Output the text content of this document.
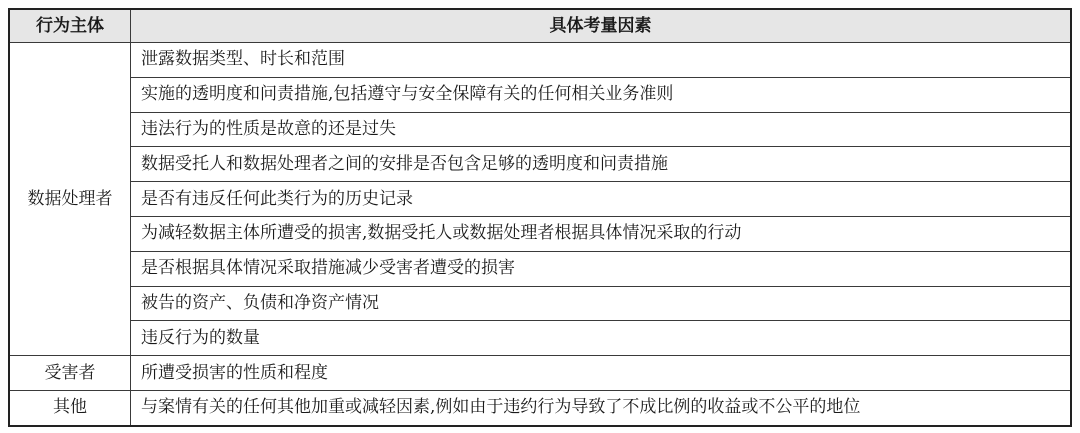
行为主体	具体考量因素
数据处理者	泄露数据类型、时长和范围
	实施的透明度和问责措施,包括遵守与安全保障有关的任何相关业务准则
	违法行为的性质是故意的还是过失
	数据受托人和数据处理者之间的安排是否包含足够的透明度和问责措施
	是否有违反任何此类行为的历史记录
	为减轻数据主体所遭受的损害,数据受托人或数据处理者根据具体情况采取的行动
	是否根据具体情况采取措施减少受害者遭受的损害
	被告的资产、负债和净资产情况
	违反行为的数量
受害者	所遭受损害的性质和程度
其他	与案情有关的任何其他加重或减轻因素,例如由于违约行为导致了不成比例的收益或不公平的地位
